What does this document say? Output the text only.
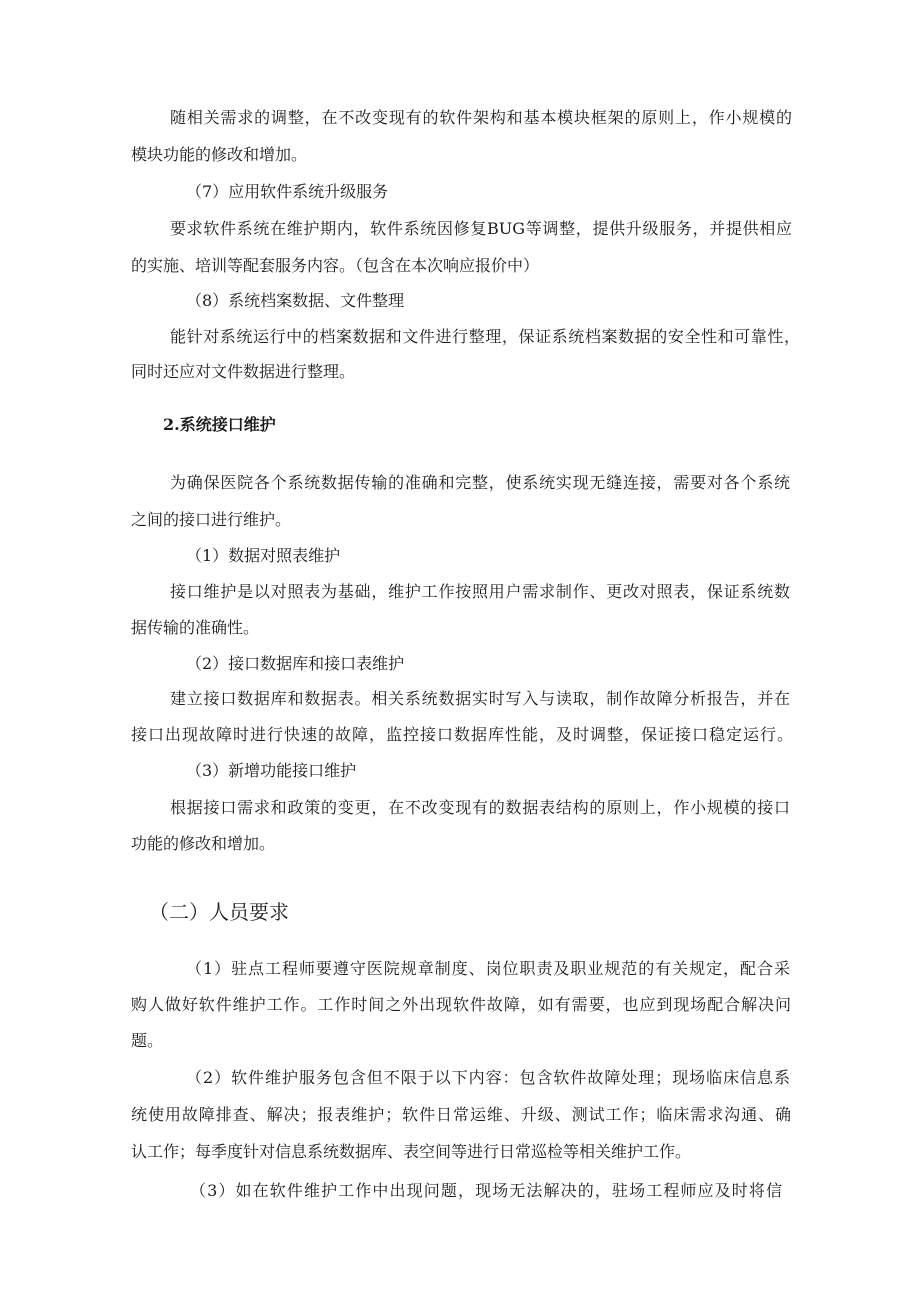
随相关需求的调整，在不改变现有的软件架构和基本模块框架的原则上，作小规模的
模块功能的修改和增加。
（7）应用软件系统升级服务
要求软件系统在维护期内，软件系统因修复BUG等调整，提供升级服务，并提供相应
的实施、培训等配套服务内容。（包含在本次响应报价中）
（8）系统档案数据、文件整理
能针对系统运行中的档案数据和文件进行整理，保证系统档案数据的安全性和可靠性，
同时还应对文件数据进行整理。
2.系统接口维护
为确保医院各个系统数据传输的准确和完整，使系统实现无缝连接，需要对各个系统
之间的接口进行维护。
（1）数据对照表维护
接口维护是以对照表为基础，维护工作按照用户需求制作、更改对照表，保证系统数
据传输的准确性。
（2）接口数据库和接口表维护
建立接口数据库和数据表。相关系统数据实时写入与读取，制作故障分析报告，并在
接口出现故障时进行快速的故障，监控接口数据库性能，及时调整，保证接口稳定运行。
（3）新增功能接口维护
根据接口需求和政策的变更，在不改变现有的数据表结构的原则上，作小规模的接口
功能的修改和增加。
（二）人员要求
（1）驻点工程师要遵守医院规章制度、岗位职责及职业规范的有关规定，配合采
购人做好软件维护工作。工作时间之外出现软件故障，如有需要，也应到现场配合解决问
题。
（2）软件维护服务包含但不限于以下内容：包含软件故障处理；现场临床信息系
统使用故障排查、解决；报表维护；软件日常运维、升级、测试工作；临床需求沟通、确
认工作；每季度针对信息系统数据库、表空间等进行日常巡检等相关维护工作。
（3）如在软件维护工作中出现问题，现场无法解决的，驻场工程师应及时将信
